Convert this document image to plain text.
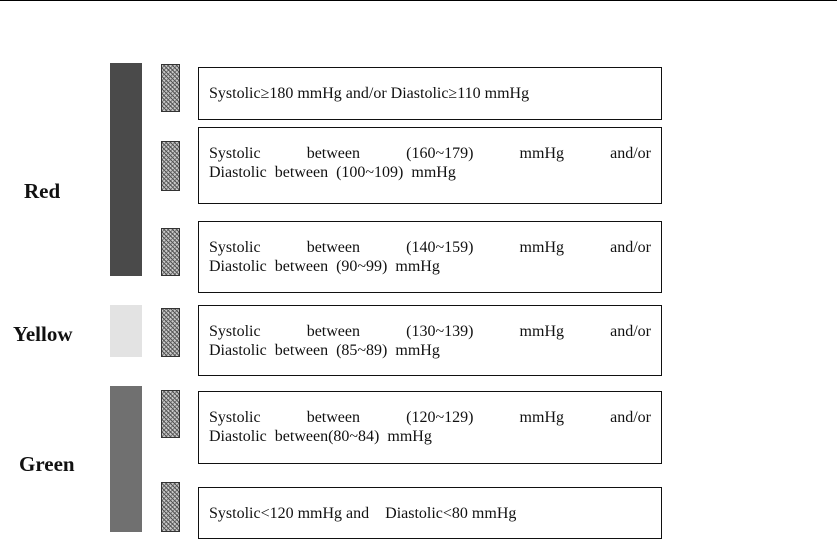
Red
Yellow
Green
Systolic≥180 mmHg and/or Diastolic≥110 mmHg
Systolic  between  (160~179)  mmHg  and/or
Diastolic  between  (100~109)  mmHg
Systolic  between  (140~159)  mmHg  and/or
Diastolic  between  (90~99)  mmHg
Systolic  between  (130~139)  mmHg  and/or
Diastolic  between  (85~89)  mmHg
Systolic  between  (120~129)  mmHg  and/or
Diastolic  between(80~84)  mmHg
Systolic<120 mmHg and    Diastolic<80 mmHg
